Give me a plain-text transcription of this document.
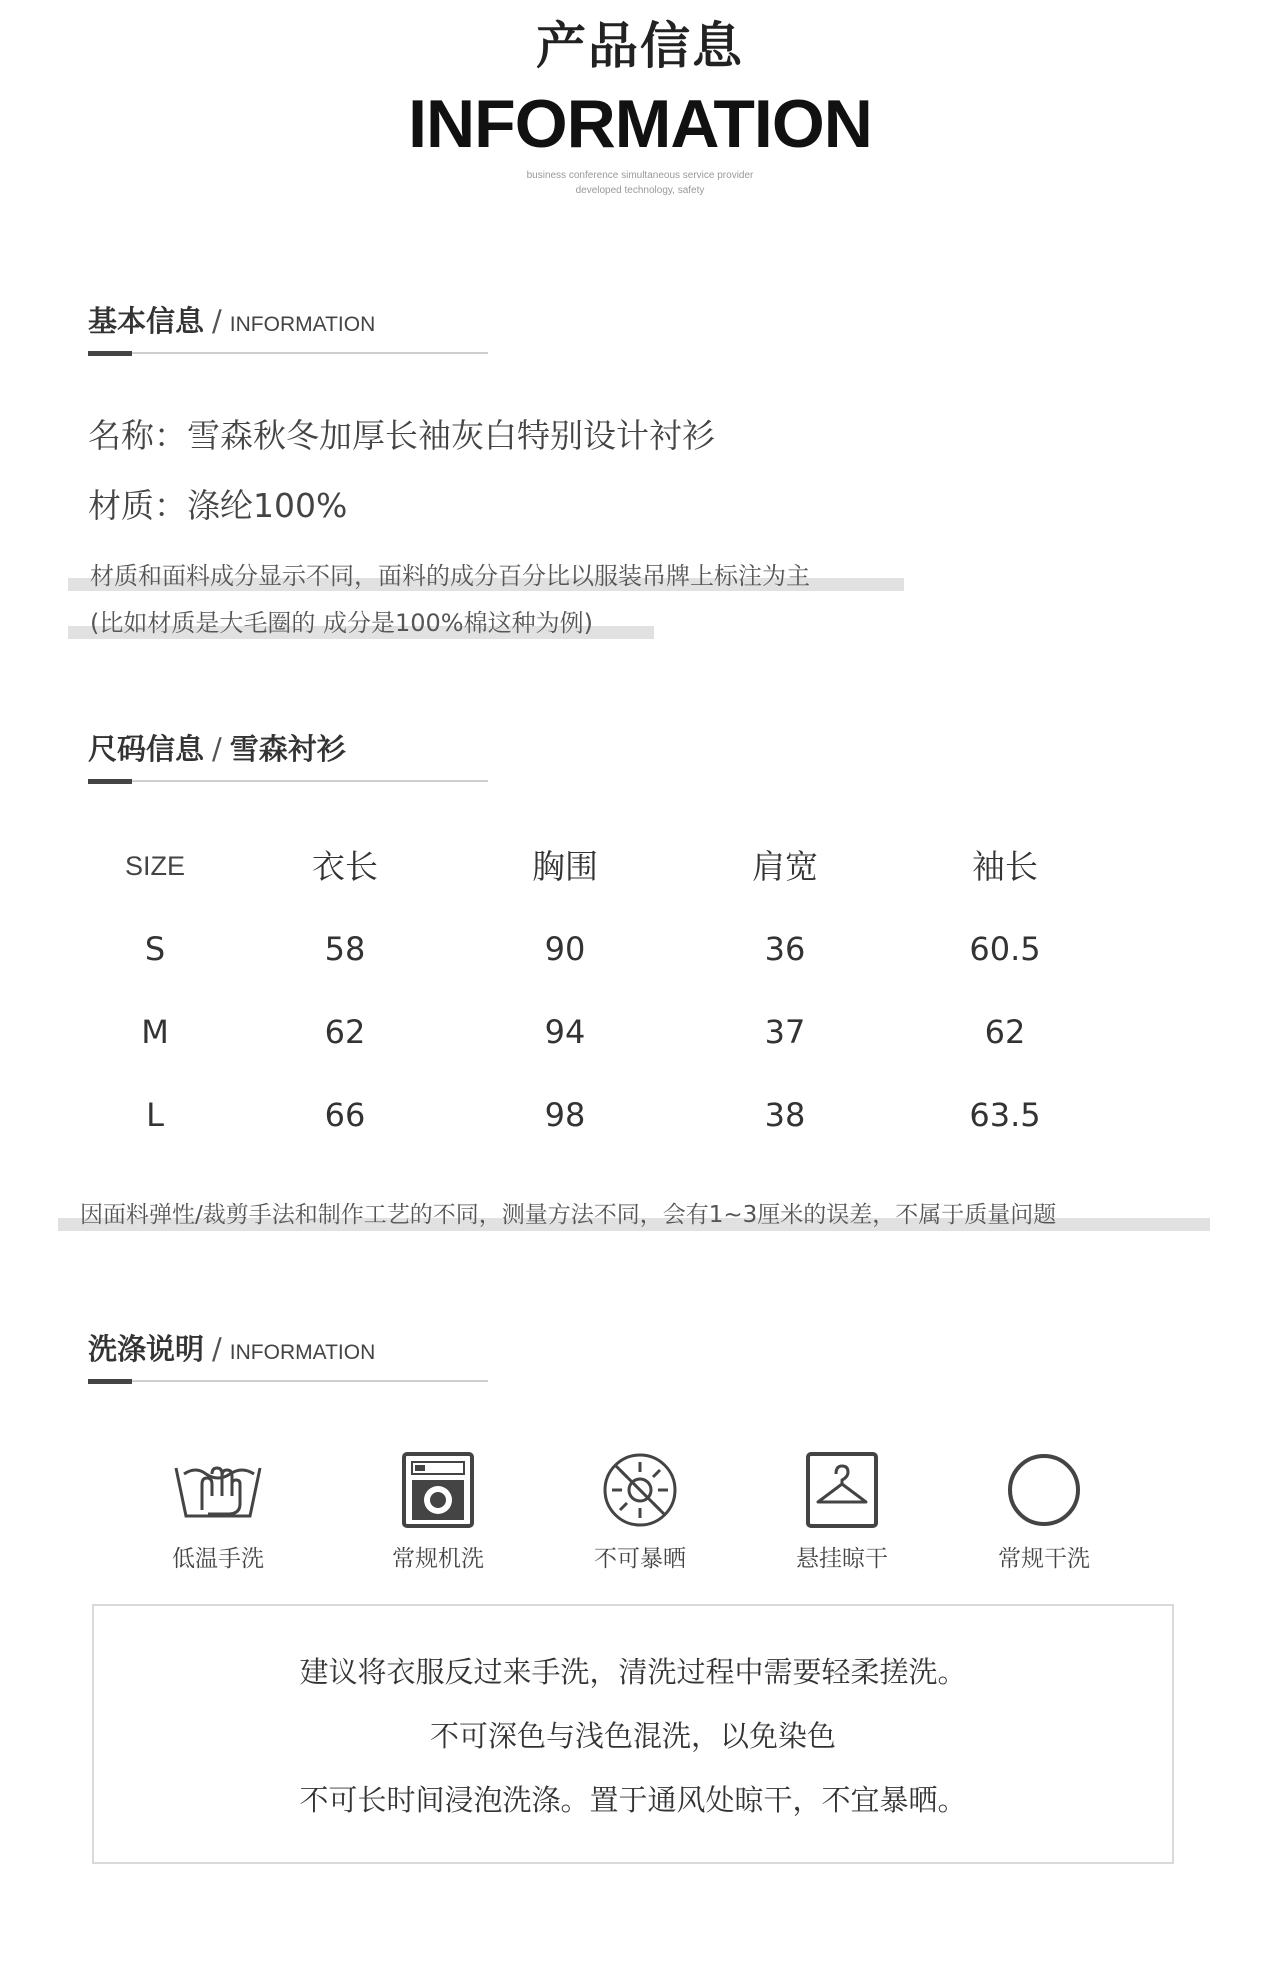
产品信息
INFORMATION
business conference simultaneous service provider
developed technology, safety
基本信息 / INFORMATION
名称：雪森秋冬加厚长袖灰白特别设计衬衫
材质：涤纶100%
材质和面料成分显示不同，面料的成分百分比以服装吊牌上标注为主
(比如材质是大毛圈的 成分是100%棉这种为例)
尺码信息 / 雪森衬衫
SIZE	衣长	胸围	肩宽	袖长
S	58	90	36	60.5
M	62	94	37	62
L	66	98	38	63.5
因面料弹性/裁剪手法和制作工艺的不同，测量方法不同，会有1~3厘米的误差，不属于质量问题
洗涤说明 / INFORMATION
低温手洗	常规机洗	不可暴晒	悬挂晾干	常规干洗
建议将衣服反过来手洗，清洗过程中需要轻柔搓洗。
不可深色与浅色混洗，以免染色
不可长时间浸泡洗涤。置于通风处晾干，不宜暴晒。
